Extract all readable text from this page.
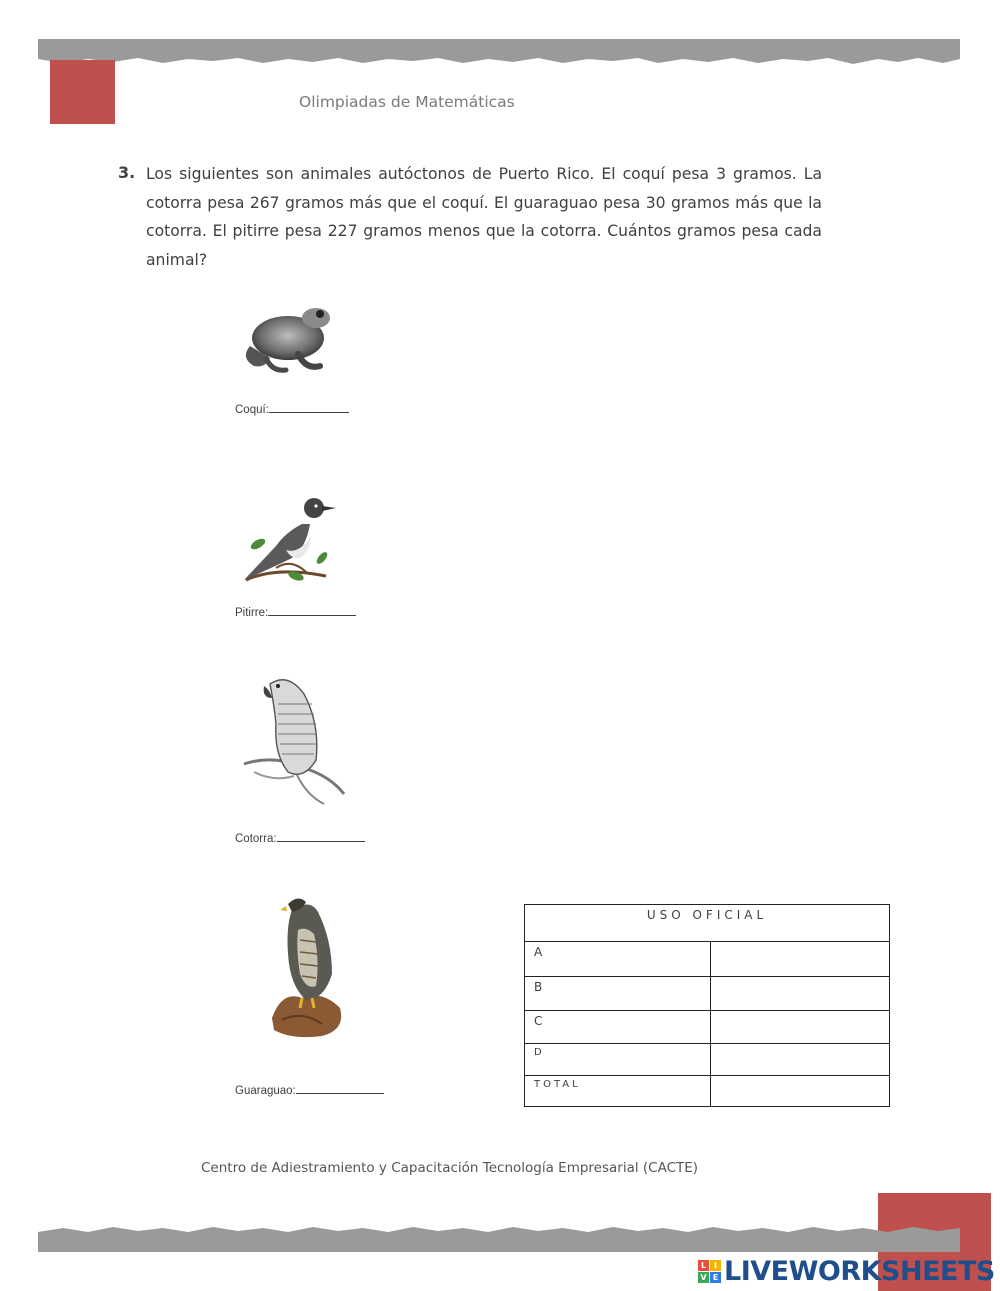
Olimpiadas de Matemáticas
3. Los siguientes son animales autóctonos de Puerto Rico. El coquí pesa 3 gramos. La cotorra pesa 267 gramos más que el coquí. El guaraguao pesa 30 gramos más que la cotorra. El pitirre pesa 227 gramos menos que la cotorra. Cuántos gramos pesa cada animal?
Coquí:
Pitirre:
Cotorra:
Guaraguao:
USO OFICIAL
A
B
C
D
TOTAL
Centro de Adiestramiento y Capacitación Tecnología Empresarial (CACTE)
L I
V E LIVEWORKSHEETS
